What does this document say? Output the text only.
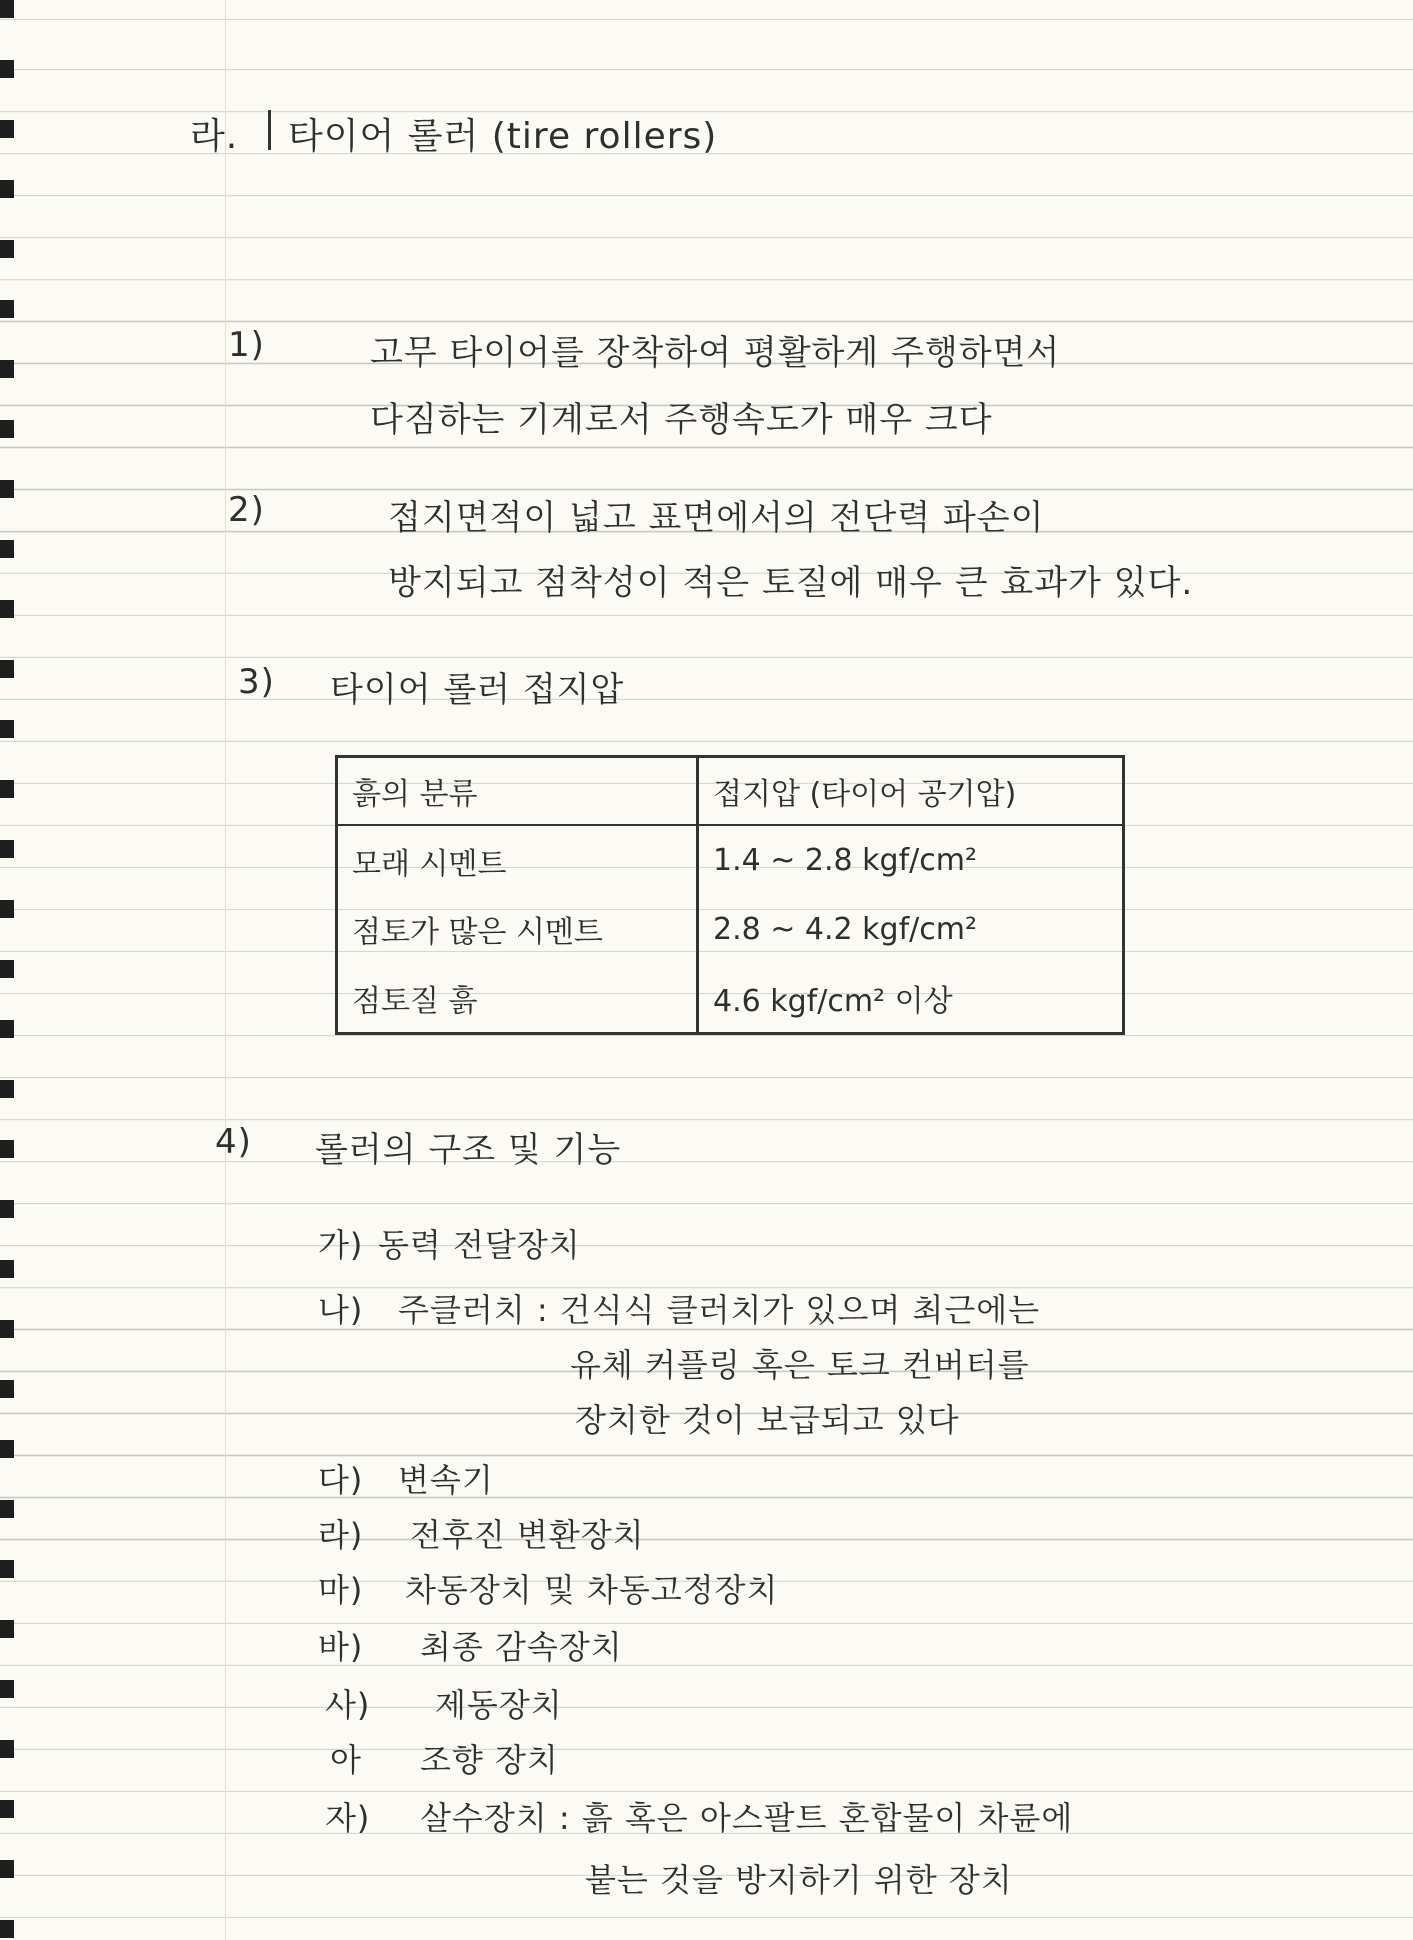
라. 타이어 롤러 (tire rollers)
1)	고무 타이어를 장착하여 평활하게 주행하면서
다짐하는 기계로서 주행속도가 매우 크다
2)	접지면적이 넓고 표면에서의 전단력 파손이
방지되고 점착성이 적은 토질에 매우 큰 효과가 있다.
3) 타이어 롤러 접지압
흙의 분류	접지압 (타이어 공기압)
모래 시멘트	1.4 ~ 2.8 kgf/cm²
점토가 많은 시멘트	2.8 ~ 4.2 kgf/cm²
점토질 흙	4.6 kgf/cm² 이상
4) 롤러의 구조 및 기능
가) 동력 전달장치
나) 주클러치 : 건식식 클러치가 있으며 최근에는
유체 커플링 혹은 토크 컨버터를
장치한 것이 보급되고 있다
다) 변속기
라) 전후진 변환장치
마) 차동장치 및 차동고정장치
바) 최종 감속장치
사) 제동장치
아 조향 장치
자) 살수장치 : 흙 혹은 아스팔트 혼합물이 차륜에
붙는 것을 방지하기 위한 장치
